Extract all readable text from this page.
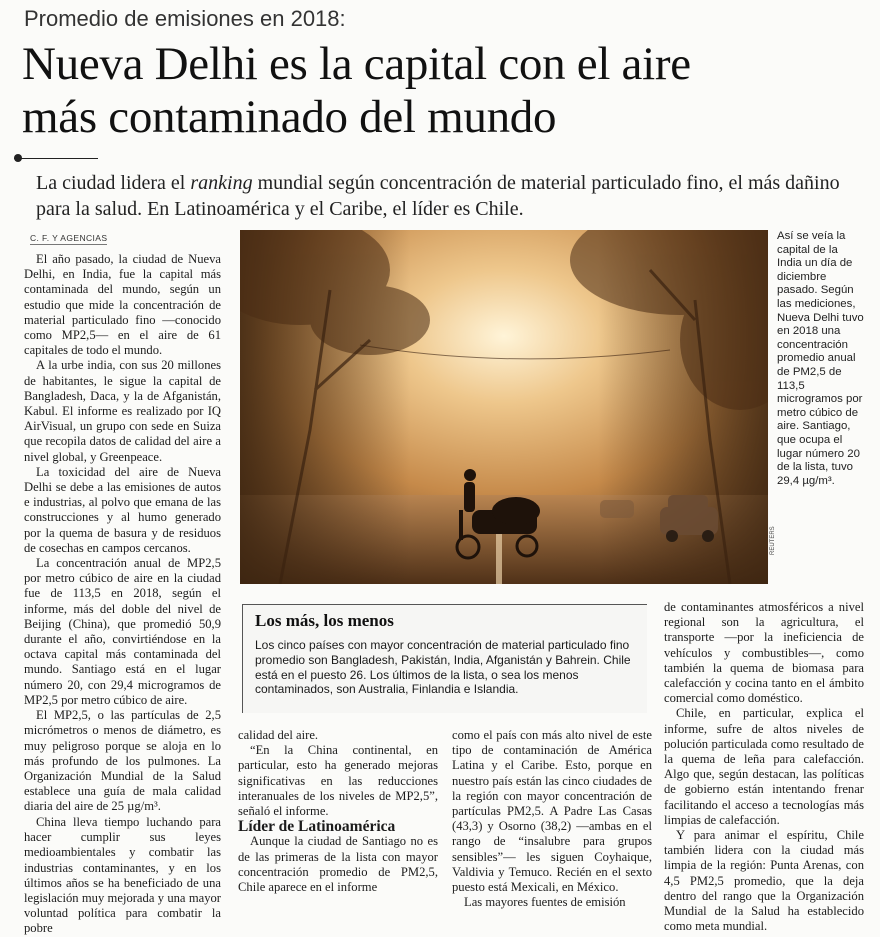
Promedio de emisiones en 2018:
Nueva Delhi es la capital con el aire
más contaminado del mundo
La ciudad lidera el ranking mundial según concentración de material particulado fino, el más dañino para la salud. En Latinoamérica y el Caribe, el líder es Chile.
C. F. Y AGENCIAS

El año pasado, la ciudad de Nueva Delhi, en India, fue la capital más contaminada del mundo, según un estudio que mide la concentración de material particulado fino —conocido como MP2,5— en el aire de 61 capitales de todo el mundo.

A la urbe india, con sus 20 millones de habitantes, le sigue la capital de Bangladesh, Daca, y la de Afganistán, Kabul. El informe es realizado por IQ AirVisual, un grupo con sede en Suiza que recopila datos de calidad del aire a nivel global, y Greenpeace.

La toxicidad del aire de Nueva Delhi se debe a las emisiones de autos e industrias, al polvo que emana de las construcciones y al humo generado por la quema de basura y de residuos de cosechas en campos cercanos.

La concentración anual de MP2,5 por metro cúbico de aire en la ciudad fue de 113,5 en 2018, según el informe, más del doble del nivel de Beijing (China), que promedió 50,9 durante el año, convirtiéndose en la octava capital más contaminada del mundo. Santiago está en el lugar número 20, con 29,4 microgramos de MP2,5 por metro cúbico de aire.

El MP2,5, o las partículas de 2,5 micrómetros o menos de diámetro, es muy peligroso porque se aloja en lo más profundo de los pulmones. La Organización Mundial de la Salud establece una guía de mala calidad diaria del aire de 25 µg/m³.

China lleva tiempo luchando para hacer cumplir sus leyes medioambientales y combatir las industrias contaminantes, y en los últimos años se ha beneficiado de una legislación muy mejorada y una mayor voluntad política para combatir la pobre

REUTERS
Así se veía la capital de la India un día de diciembre pasado. Según las mediciones, Nueva Delhi tuvo en 2018 una concentración promedio anual de PM2,5 de 113,5 microgramos por metro cúbico de aire. Santiago, que ocupa el lugar número 20 de la lista, tuvo 29,4 µg/m³.
Los más, los menos
Los cinco países con mayor concentración de material particulado fino promedio son Bangladesh, Pakistán, India, Afganistán y Bahrein. Chile está en el puesto 26. Los últimos de la lista, o sea los menos contaminados, son Australia, Finlandia e Islandia.

calidad del aire.

“En la China continental, en particular, esto ha generado mejoras significativas en las reducciones interanuales de los niveles de MP2,5”, señaló el informe.

Líder de Latinoamérica

Aunque la ciudad de Santiago no es de las primeras de la lista con mayor concentración promedio de PM2,5, Chile aparece en el informe

como el país con más alto nivel de este tipo de contaminación de América Latina y el Caribe. Esto, porque en nuestro país están las cinco ciudades de la región con mayor concentración de partículas PM2,5. A Padre Las Casas (43,3) y Osorno (38,2) —ambas en el rango de “insalubre para grupos sensibles”— les siguen Coyhaique, Valdivia y Temuco. Recién en el sexto puesto está Mexicali, en México.

Las mayores fuentes de emisión

de contaminantes atmosféricos a nivel regional son la agricultura, el transporte —por la ineficiencia de vehículos y combustibles—, como también la quema de biomasa para calefacción y cocina tanto en el ámbito comercial como doméstico.

Chile, en particular, explica el informe, sufre de altos niveles de polución particulada como resultado de la quema de leña para calefacción. Algo que, según destacan, las políticas de gobierno están intentando frenar facilitando el acceso a tecnologías más limpias de calefacción.

Y para animar el espíritu, Chile también lidera con la ciudad más limpia de la región: Punta Arenas, con 4,5 PM2,5 promedio, que la deja dentro del rango que la Organización Mundial de la Salud ha establecido como meta mundial.
